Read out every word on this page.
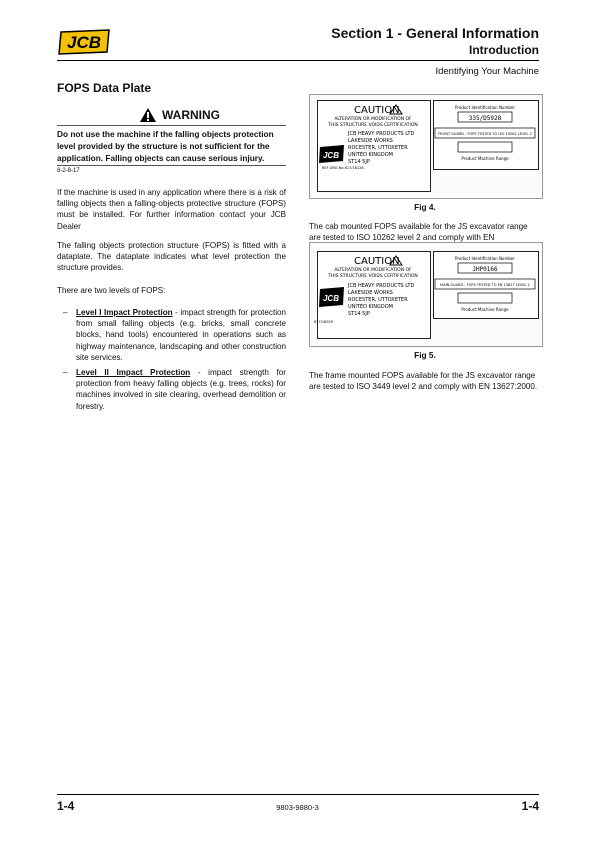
JCB	Section 1 - General Information
Introduction
Identifying Your Machine
FOPS Data Plate
WARNING
Do not use the machine if the falling objects protection level provided by the structure is not sufficient for the application. Falling objects can cause serious injury.
8-2-8-17
If the machine is used in any application where there is a risk of falling objects then a falling-objects protective structure (FOPS) must be installed. For further information contact your JCB Dealer
The falling objects protection structure (FOPS) is fitted with a dataplate. The dataplate indicates what level protection the structure provides.
There are two levels of FOPS:
– Level I Impact Protection - impact strength for protection from small falling objects (e.g. bricks, small concrete blocks, hand tools) encountered in operations such as highway maintenance, landscaping and other construction site services.
– Level II Impact Protection - impact strength for protection from heavy falling objects (e.g. trees, rocks) for machines involved in site clearing, overhead demolition or forestry.
CAUTION
ALTERATION OR MODIFICATION OF
THIS STRUCTURE VOIDS CERTIFICATION
JCB
JCB HEAVY PRODUCTS LTD
LAKESIDE WORKS
ROCESTER, UTTOXETER
UNITED KINGDOM
ST14 5JP
REF DRG No 817/18128
Product Identification Number
335/D5928
FRONT GUARD - FOPS TESTED TO ISO 10262 LEVEL 2
Product Machine Range
Fig 4.
The cab mounted FOPS available for the JS excavator range are tested to ISO 10262 level 2 and comply with EN
CAUTION
ALTERATION OR MODIFICATION OF
THIS STRUCTURE VOIDS CERTIFICATION
JCB
JCB HEAVY PRODUCTS LTD
LAKESIDE WORKS
ROCESTER, UTTOXETER
UNITED KINGDOM
ST14 5JP
817/18559
Product Identification Number
JHP0166
MAIN GUARD - FOPS TESTED TO EN 13627 LEVEL 2
Product Machine Range
Fig 5.
The frame mounted FOPS available for the JS excavator range are tested to ISO 3449 level 2 and comply with EN 13627:2000.
1-4	9803-9880-3	1-4
